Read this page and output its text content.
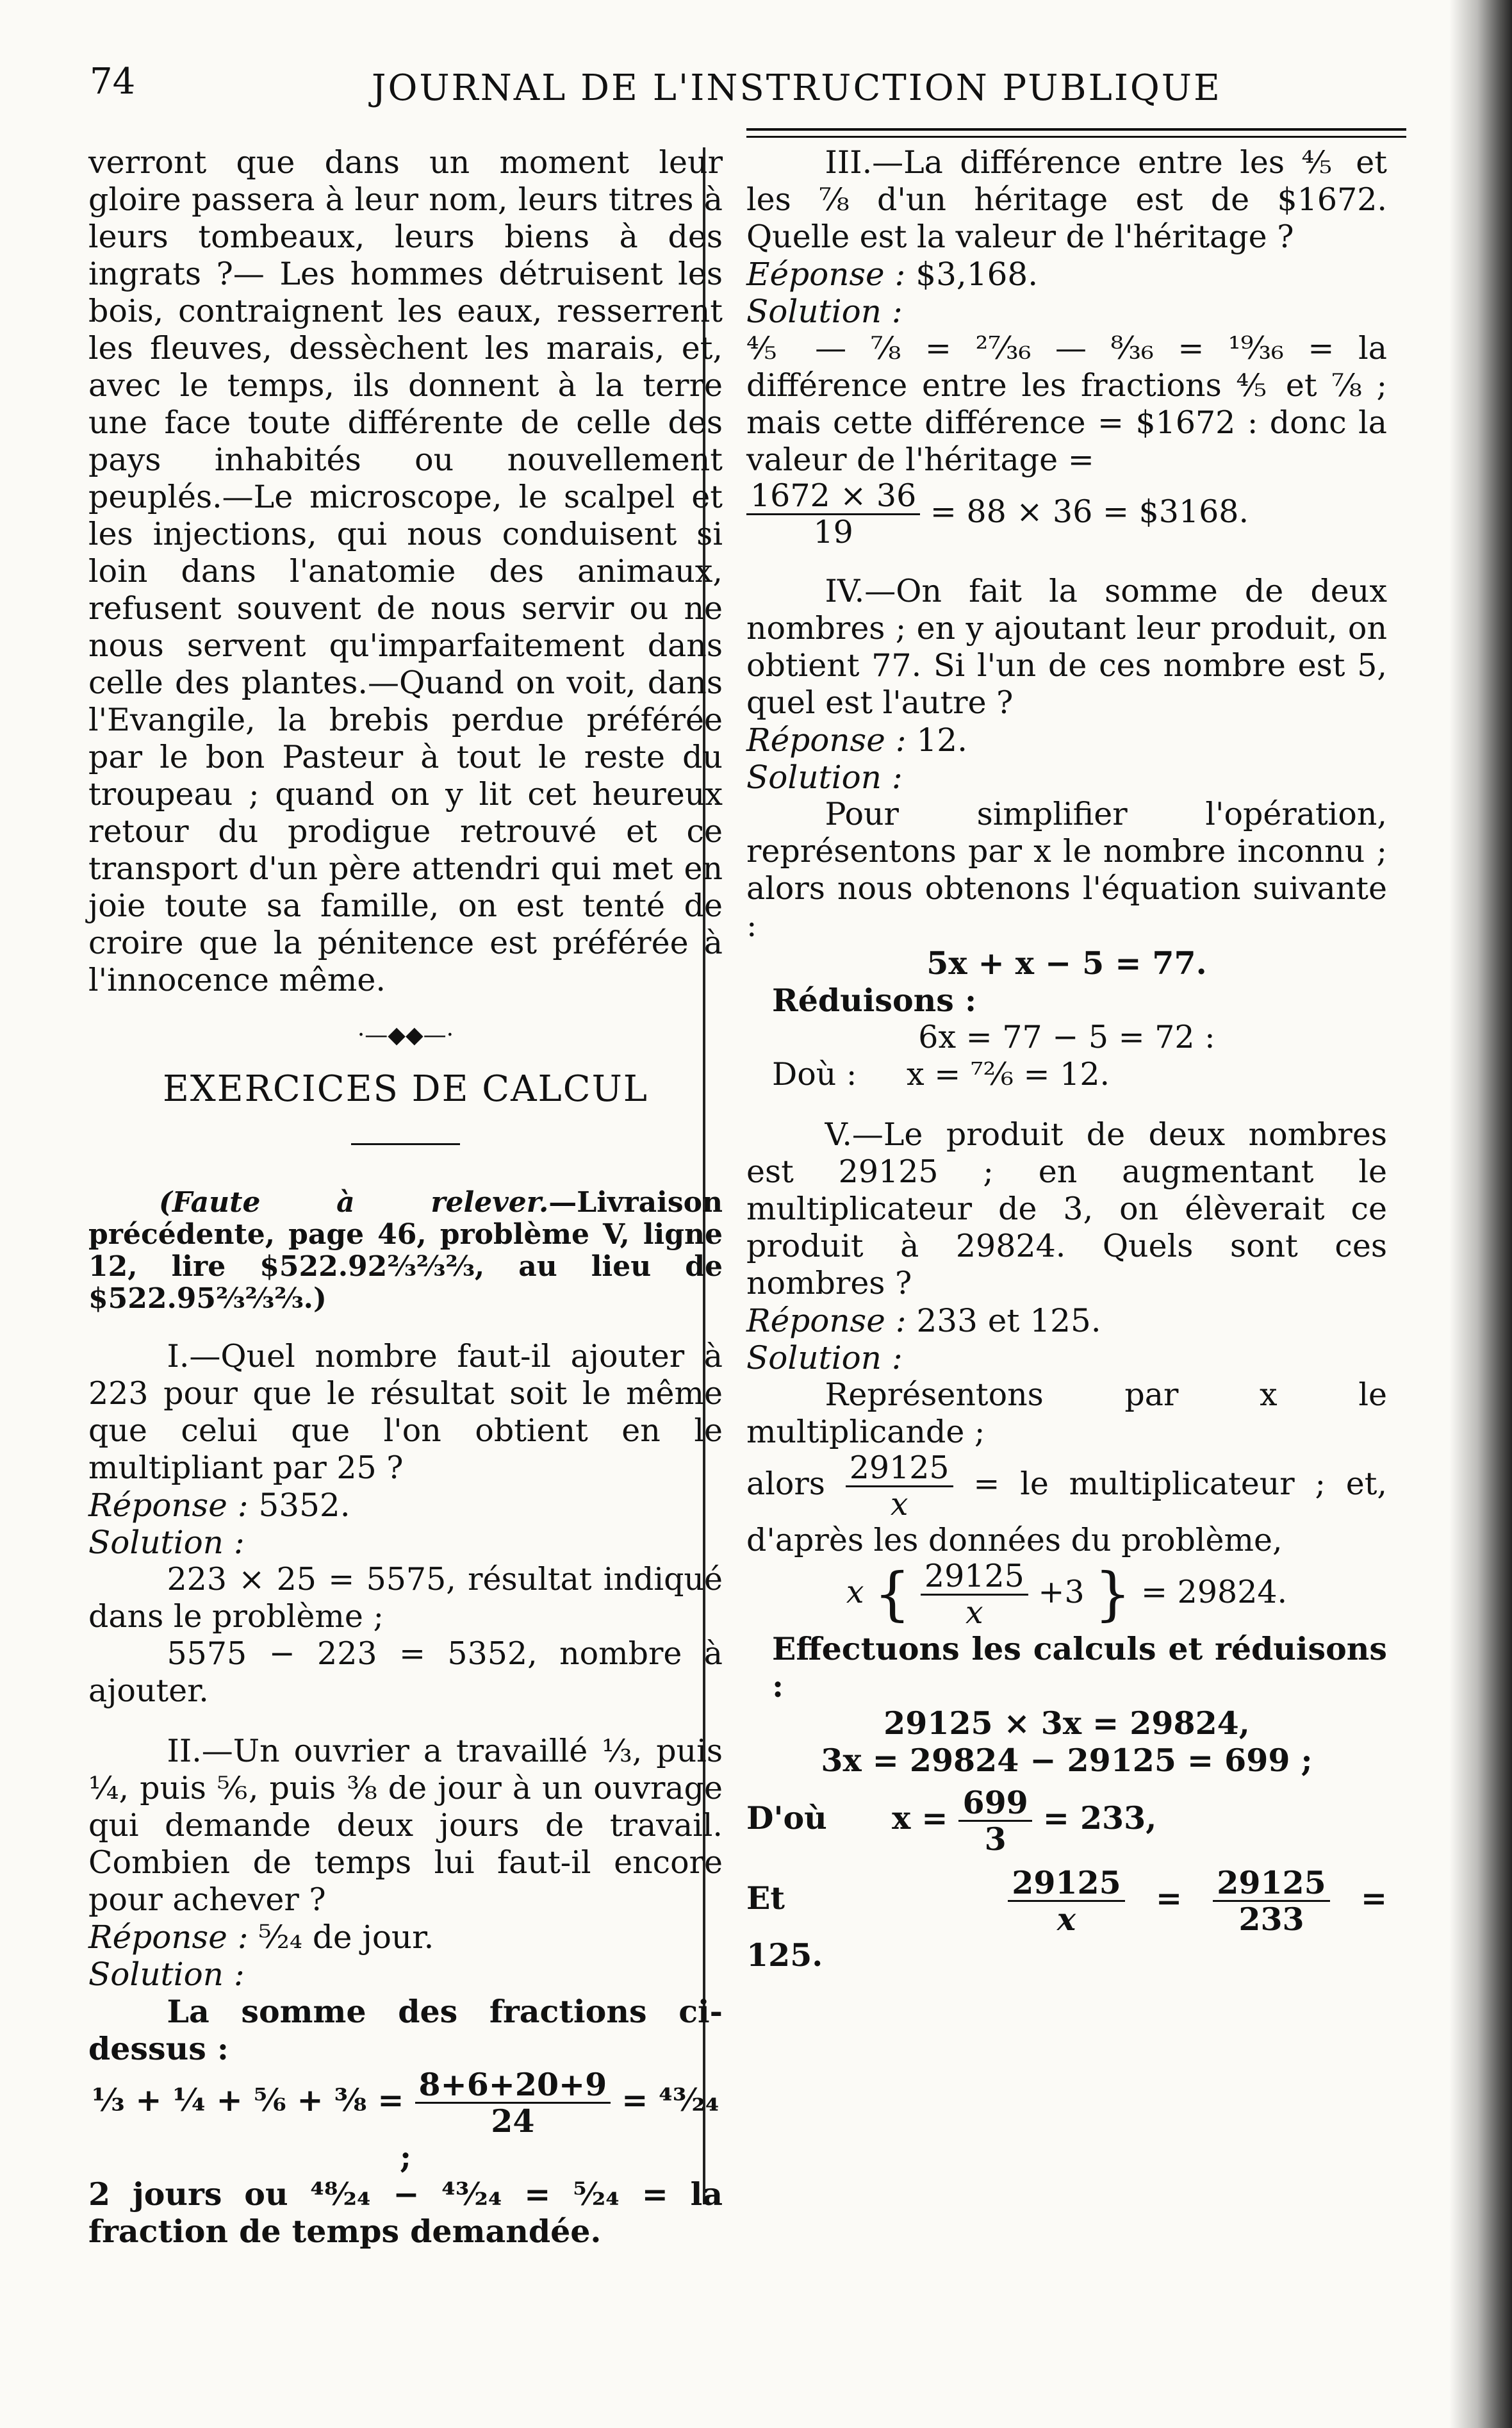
74	JOURNAL DE L'INSTRUCTION PUBLIQUE

verront que dans un moment leur gloire passera à leur nom, leurs titres à leurs tombeaux, leurs biens à des ingrats ?— Les hommes détruisent les bois, contraignent les eaux, resserrent les fleuves, dessèchent les marais, et, avec le temps, ils donnent à la terre une face toute différente de celle des pays inhabités ou nouvellement peuplés.—Le microscope, le scalpel et les injections, qui nous conduisent si loin dans l'anatomie des animaux, refusent souvent de nous servir ou ne nous servent qu'imparfaitement dans celle des plantes.—Quand on voit, dans l'Evangile, la brebis perdue préférée par le bon Pasteur à tout le reste du troupeau ; quand on y lit cet heureux retour du prodigue retrouvé et ce transport d'un père attendri qui met en joie toute sa famille, on est tenté de croire que la pénitence est préférée à l'innocence même.

·—◆◆—·
EXERCICES DE CALCUL

(Faute à relever.—Livraison précédente, page 46, problème V, ligne 12, lire $522.92⅔⅔⅔, au lieu de $522.95⅔⅔⅔.)

I.—Quel nombre faut-il ajouter à 223 pour que le résultat soit le même que celui que l'on obtient en le multipliant par 25 ?

Réponse : 5352.

Solution :

223 × 25 = 5575, résultat indiqué dans le problème ;

5575 − 223 = 5352, nombre à ajouter.

II.—Un ouvrier a travaillé ⅓, puis ¼, puis ⅚, puis ⅜ de jour à un ouvrage qui demande deux jours de travail. Combien de temps lui faut-il encore pour achever ?

Réponse : ⁵⁄₂₄ de jour.

Solution :

La somme des fractions ci-dessus :

⅓ + ¼ + ⅚ + ⅜ = $\frac{8+6+20+9}{24}$ = ⁴³⁄₂₄ ;

2 jours ou ⁴⁸⁄₂₄ − ⁴³⁄₂₄ = ⁵⁄₂₄ = la fraction de temps demandée.

III.—La différence entre les ⅘ et les ⅞ d'un héritage est de $1672. Quelle est la valeur de l'héritage ?

Eéponse : $3,168.

Solution :

⅘ — ⅞ = ²⁷⁄₃₆ — ⁸⁄₃₆ = ¹⁹⁄₃₆ = la différence entre les fractions ⅘ et ⅞ ; mais cette différence = $1672 : donc la valeur de l'héritage =

$\frac{1672 \times 36}{19} = 88 \times 36$ = $3168.

IV.—On fait la somme de deux nombres ; en y ajoutant leur produit, on obtient 77. Si l'un de ces nombre est 5, quel est l'autre ?

Réponse : 12.

Solution :

Pour simplifier l'opération, représentons par x le nombre inconnu ; alors nous obtenons l'équation suivante :

5x + x − 5 = 77.

Réduisons :

6x = 77 − 5 = 72 :

Doù : x = ⁷²⁄₆ = 12.

V.—Le produit de deux nombres est 29125 ; en augmentant le multiplicateur de 3, on élèverait ce produit à 29824. Quels sont ces nombres ?

Réponse : 233 et 125.

Solution :

Représentons par x le multiplicande ;

alors $\frac{29125}{x}$ = le multiplicateur ; et, d'après les données du problème,

x { $\frac{29125}{x} +3$ } = 29824.

Effectuons les calculs et réduisons :

29125 × 3x = 29824,

3x = 29824 − 29125 = 699 ;

D'où $x = \frac{699}{3} = 233$,

Et	$\frac{29125}{x} = \frac{29125}{233} = 125$.
